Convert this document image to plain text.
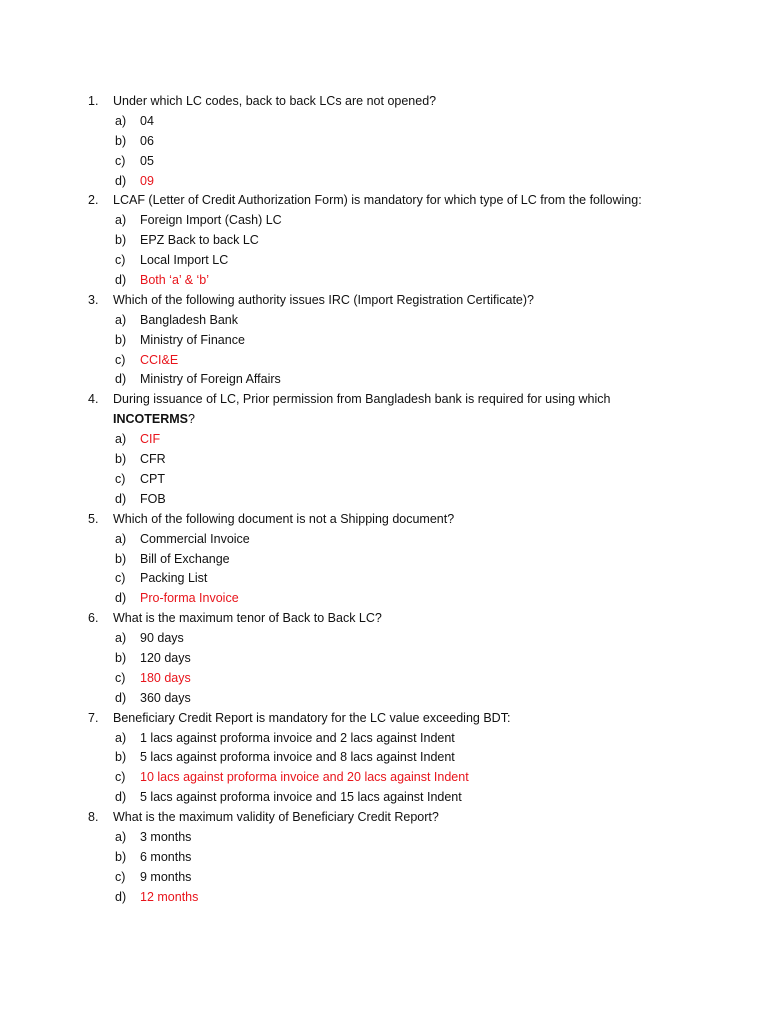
1. Under which LC codes, back to back LCs are not opened?
a) 04
b) 06
c) 05
d) 09
2. LCAF (Letter of Credit Authorization Form) is mandatory for which type of LC from the following:
a) Foreign Import (Cash) LC
b) EPZ Back to back LC
c) Local Import LC
d) Both ‘a’ & ‘b’
3. Which of the following authority issues IRC (Import Registration Certificate)?
a) Bangladesh Bank
b) Ministry of Finance
c) CCI&E
d) Ministry of Foreign Affairs
4. During issuance of LC, Prior permission from Bangladesh bank is required for using which
INCOTERMS?
a) CIF
b) CFR
c) CPT
d) FOB
5. Which of the following document is not a Shipping document?
a) Commercial Invoice
b) Bill of Exchange
c) Packing List
d) Pro-forma Invoice
6. What is the maximum tenor of Back to Back LC?
a) 90 days
b) 120 days
c) 180 days
d) 360 days
7. Beneficiary Credit Report is mandatory for the LC value exceeding BDT:
a) 1 lacs against proforma invoice and 2 lacs against Indent
b) 5 lacs against proforma invoice and 8 lacs against Indent
c) 10 lacs against proforma invoice and 20 lacs against Indent
d) 5 lacs against proforma invoice and 15 lacs against Indent
8. What is the maximum validity of Beneficiary Credit Report?
a) 3 months
b) 6 months
c) 9 months
d) 12 months
